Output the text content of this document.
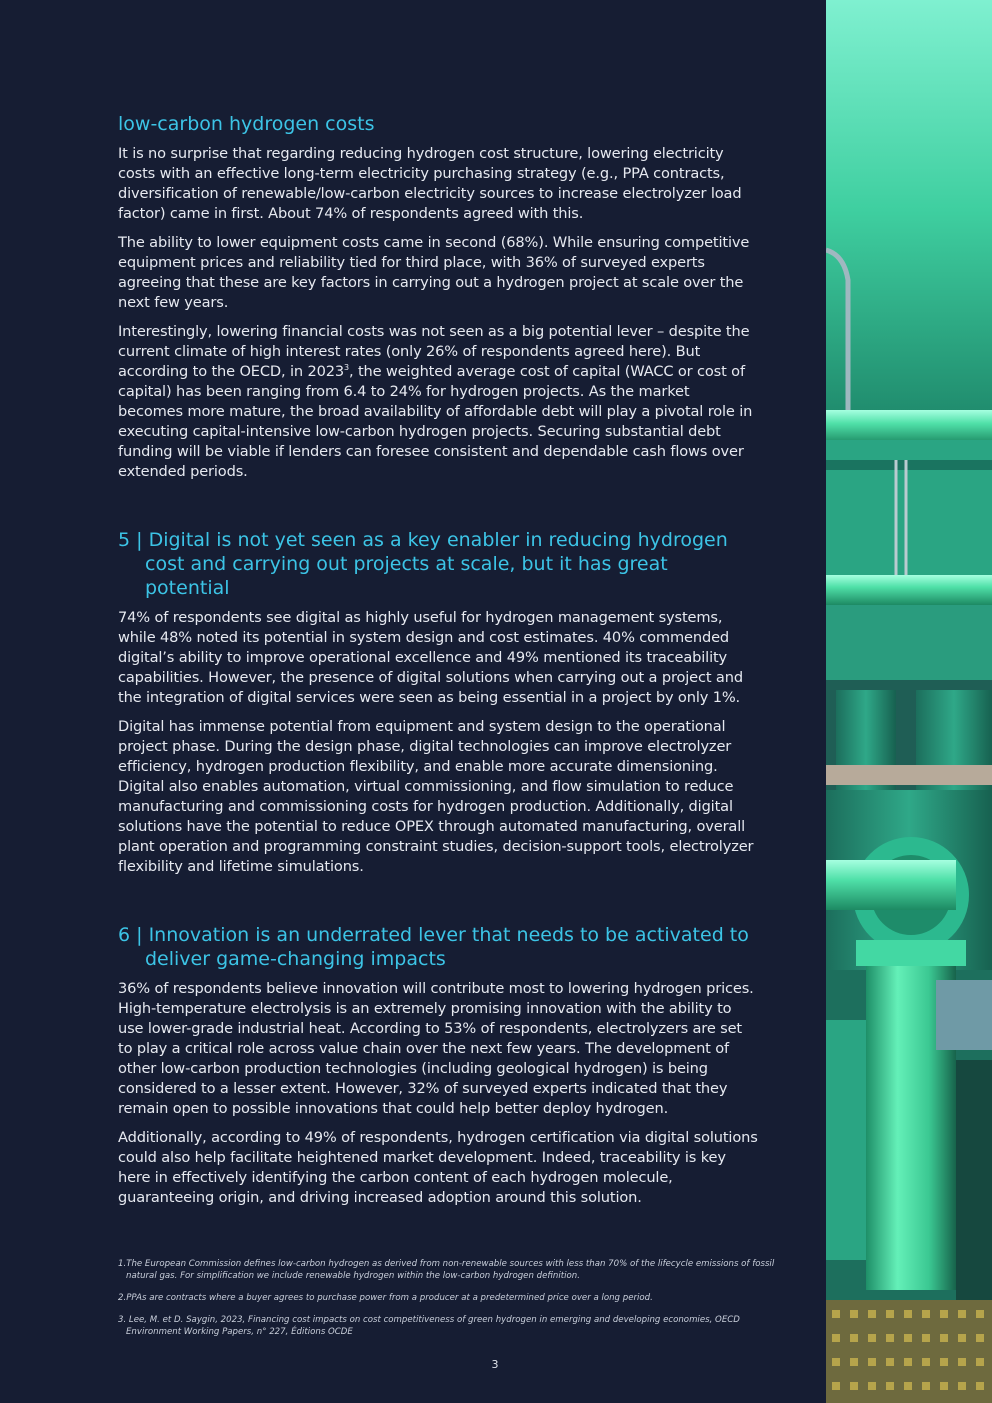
low-carbon hydrogen costs

It is no surprise that regarding reducing hydrogen cost structure, lowering electricity costs with an effective long-term electricity purchasing strategy (e.g., PPA contracts, diversification of renewable/low-carbon electricity sources to increase electrolyzer load factor) came in first. About 74% of respondents agreed with this.

The ability to lower equipment costs came in second (68%). While ensuring competitive equipment prices and reliability tied for third place, with 36% of surveyed experts agreeing that these are key factors in carrying out a hydrogen project at scale over the next few years.

Interestingly, lowering financial costs was not seen as a big potential lever – despite the current climate of high interest rates (only 26% of respondents agreed here). But according to the OECD, in 2023$^3$, the weighted average cost of capital (WACC or cost of capital) has been ranging from 6.4 to 24% for hydrogen projects. As the market becomes more mature, the broad availability of affordable debt will play a pivotal role in executing capital-intensive low-carbon hydrogen projects. Securing substantial debt funding will be viable if lenders can foresee consistent and dependable cash flows over extended periods.

5 | Digital is not yet seen as a key enabler in reducing hydrogen cost and carrying out projects at scale, but it has great potential

74% of respondents see digital as highly useful for hydrogen management systems, while 48% noted its potential in system design and cost estimates. 40% commended digital’s ability to improve operational excellence and 49% mentioned its traceability capabilities. However, the presence of digital solutions when carrying out a project and the integration of digital services were seen as being essential in a project by only 1%.

Digital has immense potential from equipment and system design to the operational project phase. During the design phase, digital technologies can improve electrolyzer efficiency, hydrogen production flexibility, and enable more accurate dimensioning. Digital also enables automation, virtual commissioning, and flow simulation to reduce manufacturing and commissioning costs for hydrogen production. Additionally, digital solutions have the potential to reduce OPEX through automated manufacturing, overall plant operation and programming constraint studies, decision-support tools, electrolyzer flexibility and lifetime simulations.

6 | Innovation is an underrated lever that needs to be activated to deliver game-changing impacts

36% of respondents believe innovation will contribute most to lowering hydrogen prices. High-temperature electrolysis is an extremely promising innovation with the ability to use lower-grade industrial heat. According to 53% of respondents, electrolyzers are set to play a critical role across value chain over the next few years. The development of other low-carbon production technologies (including geological hydrogen) is being considered to a lesser extent. However, 32% of surveyed experts indicated that they remain open to possible innovations that could help better deploy hydrogen.

Additionally, according to 49% of respondents, hydrogen certification via digital solutions could also help facilitate heightened market development. Indeed, traceability is key here in effectively identifying the carbon content of each hydrogen molecule, guaranteeing origin, and driving increased adoption around this solution.

1.The European Commission defines low-carbon hydrogen as derived from non-renewable sources with less than 70% of the lifecycle emissions of fossil natural gas. For simplification we include renewable hydrogen within the low-carbon hydrogen definition.
2.PPAs are contracts where a buyer agrees to purchase power from a producer at a predetermined price over a long period.
3. Lee, M. et D. Saygin, 2023, Financing cost impacts on cost competitiveness of green hydrogen in emerging and developing economies, OECD Environment Working Papers, n° 227, Éditions OCDE
3
